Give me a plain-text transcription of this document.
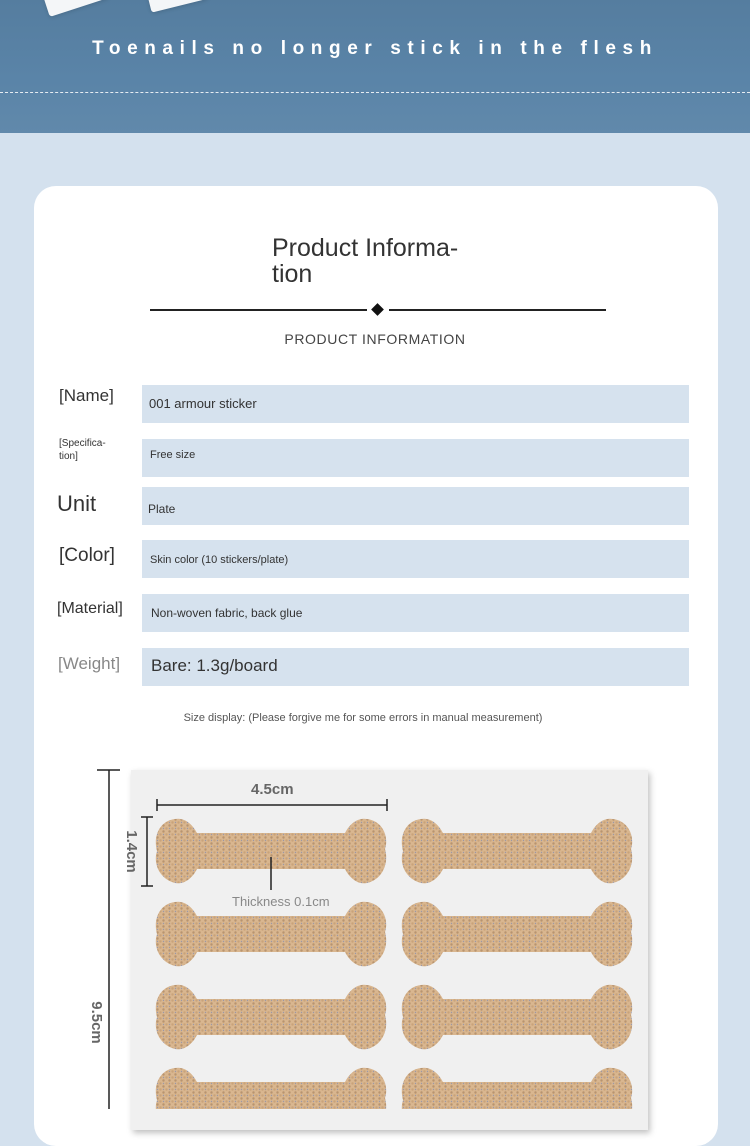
Toenails no longer stick in the flesh
Product Informa-
tion
PRODUCT INFORMATION
[Name]	001 armour sticker
[Specifica-
tion]	Free size
Unit	Plate
[Color]	Skin color (10 stickers/plate)
[Material] Non-woven fabric, back glue
[Weight] Bare: 1.3g/board
Size display: (Please forgive me for some errors in manual measurement)
4.5cm
1.4cm
Thickness 0.1cm
9.5cm
